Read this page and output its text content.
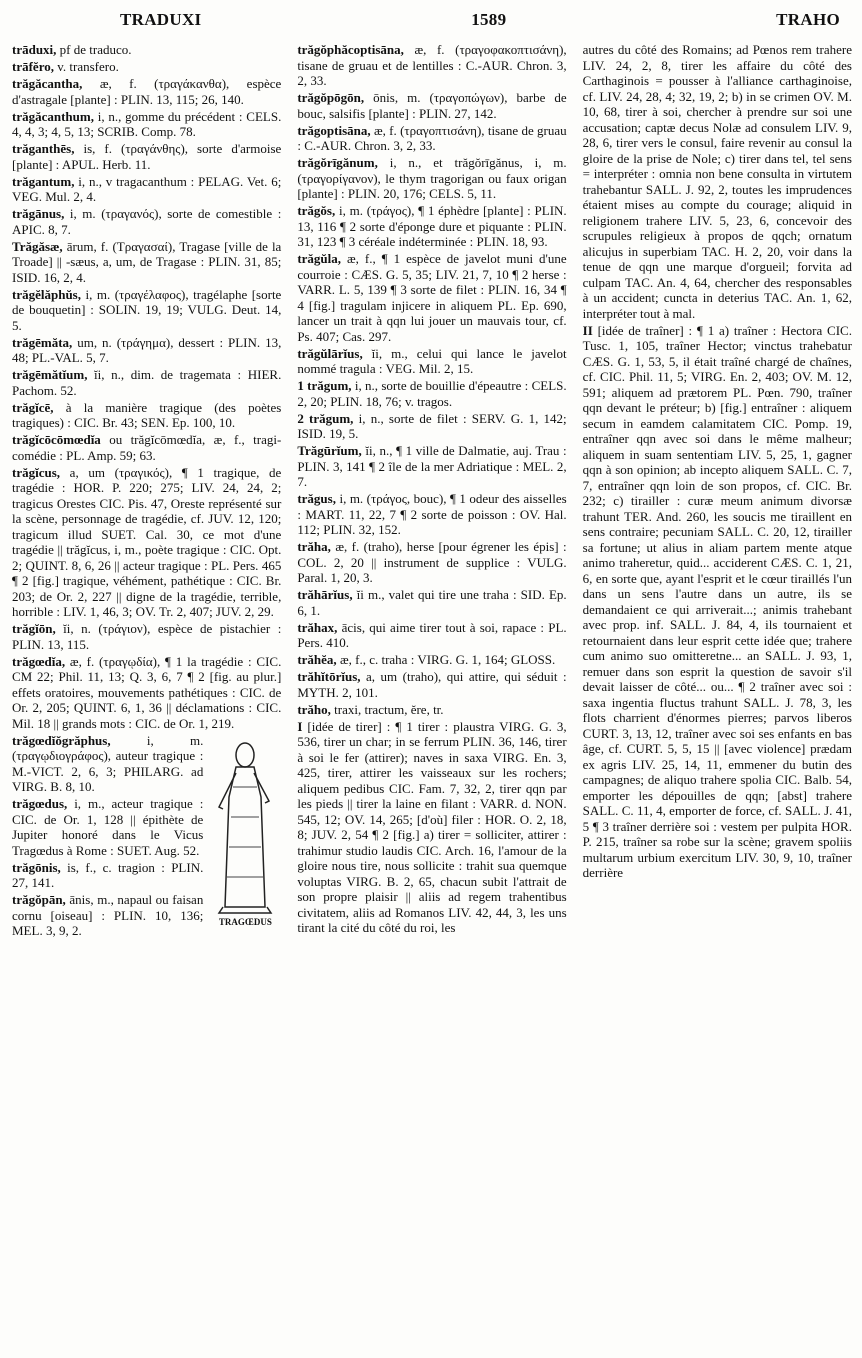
TRADUXI	1589	TRAHO

trāduxi, pf de traduco.

trāfĕro, v. transfero.

trăgăcantha, æ, f. (τραγάκανθα), espèce d'astragale [plante] : PLIN. 13, 115; 26, 140.

trăgăcanthum, i, n., gomme du précédent : CELS. 4, 4, 3; 4, 5, 13; SCRIB. Comp. 78.

trăganthēs, is, f. (τραγάνθης), sorte d'armoise [plante] : APUL. Herb. 11.

trăgantum, i, n., v tragacanthum : PELAG. Vet. 6; VEG. Mul. 2, 4.

trăgānus, i, m. (τραγανός), sorte de comestible : APIC. 8, 7.

Trăgăsæ, ārum, f. (Τραγασαί), Tragase [ville de la Troade] || -sæus, a, um, de Tragase : PLIN. 31, 85; ISID. 16, 2, 4.

trăgĕlăphŭs, i, m. (τραγέλαφος), tragélaphe [sorte de bouquetin] : SOLIN. 19, 19; VULG. Deut. 14, 5.

trăgēmăta, um, n. (τράγημα), dessert : PLIN. 13, 48; PL.-VAL. 5, 7.

trăgēmătĭum, ĭi, n., dim. de tragemata : HIER. Pachom. 52.

trăgĭcē, à la manière tragique (des poètes tragiques) : CIC. Br. 43; SEN. Ep. 100, 10.

trăgĭcōcōmœdĭa ou trăgĭcōmœdĭa, æ, f., tragi-comédie : PL. Amp. 59; 63.

trăgĭcus, a, um (τραγικός), ¶ 1 tragique, de tragédie : HOR. P. 220; 275; LIV. 24, 24, 2; tragicus Orestes CIC. Pis. 47, Oreste représenté sur la scène, personnage de tragédie, cf. JUV. 12, 120; tragicum illud SUET. Cal. 30, ce mot d'une tragédie || trăgĭcus, i, m., poète tragique : CIC. Opt. 2; QUINT. 8, 6, 26 || acteur tragique : PL. Pers. 465 ¶ 2 [fig.] tragique, véhément, pathétique : CIC. Br. 203; de Or. 2, 227 || digne de la tragédie, terrible, horrible : LIV. 1, 46, 3; OV. Tr. 2, 407; JUV. 2, 29.

trăgĭōn, ĭi, n. (τράγιον), espèce de pistachier : PLIN. 13, 115.

trăgœdĭa, æ, f. (τραγῳδία), ¶ 1 la tragédie : CIC. CM 22; Phil. 11, 13; Q. 3, 6, 7 ¶ 2 [fig. au plur.] effets oratoires, mouvements pathétiques : CIC. de Or. 2, 205; QUINT. 6, 1, 36 || déclamations : CIC. Mil. 18 || grands mots : CIC. de Or. 1, 219.

TRAGŒDUS

trăgœdĭŏgrăphus, i, m. (τραγῳδιογράφος), auteur tragique : M.-VICT. 2, 6, 3; PHILARG. ad VIRG. B. 8, 10.

trăgœdus, i, m., acteur tragique : CIC. de Or. 1, 128 || épithète de Jupiter honoré dans le Vicus Tragœdus à Rome : SUET. Aug. 52.

trăgōnis, is, f., c. tragion : PLIN. 27, 141.

trăgŏpān, ānis, m., napaul ou faisan cornu [oiseau] : PLIN. 10, 136; MEL. 3, 9, 2.

trăgŏphăcoptisāna, æ, f. (τραγοφακοπτισάνη), tisane de gruau et de lentilles : C.-AUR. Chron. 3, 2, 33.

trăgŏpōgōn, ōnis, m. (τραγοπώγων), barbe de bouc, salsifis [plante] : PLIN. 27, 142.

trăgoptisāna, æ, f. (τραγοπτισάνη), tisane de gruau : C.-AUR. Chron. 3, 2, 33.

trăgŏrīgănum, i, n., et trăgŏrīgănus, i, m. (τραγορίγανον), le thym tragorigan ou faux origan [plante] : PLIN. 20, 176; CELS. 5, 11.

trăgŏs, i, m. (τράγος), ¶ 1 éphèdre [plante] : PLIN. 13, 116 ¶ 2 sorte d'éponge dure et piquante : PLIN. 31, 123 ¶ 3 céréale indéterminée : PLIN. 18, 93.

trăgŭla, æ, f., ¶ 1 espèce de javelot muni d'une courroie : CÆS. G. 5, 35; LIV. 21, 7, 10 ¶ 2 herse : VARR. L. 5, 139 ¶ 3 sorte de filet : PLIN. 16, 34 ¶ 4 [fig.] tragulam injicere in aliquem PL. Ep. 690, lancer un trait à qqn lui jouer un mauvais tour, cf. Ps. 407; Cas. 297.

trăgŭlārĭus, ĭi, m., celui qui lance le javelot nommé tragula : VEG. Mil. 2, 15.

1 trăgum, i, n., sorte de bouillie d'épeautre : CELS. 2, 20; PLIN. 18, 76; v. tragos.

2 trăgum, i, n., sorte de filet : SERV. G. 1, 142; ISID. 19, 5.

Trăgūrĭum, ĭi, n., ¶ 1 ville de Dalmatie, auj. Trau : PLIN. 3, 141 ¶ 2 île de la mer Adriatique : MEL. 2, 7.

trăgus, i, m. (τράγος, bouc), ¶ 1 odeur des aisselles : MART. 11, 22, 7 ¶ 2 sorte de poisson : OV. Hal. 112; PLIN. 32, 152.

trăha, æ, f. (traho), herse [pour égrener les épis] : COL. 2, 20 || instrument de supplice : VULG. Paral. 1, 20, 3.

trăhārĭus, ĭi m., valet qui tire une traha : SID. Ep. 6, 1.

trăhax, ācis, qui aime tirer tout à soi, rapace : PL. Pers. 410.

trăhĕa, æ, f., c. traha : VIRG. G. 1, 164; GLOSS.

trăhĭtōrĭus, a, um (traho), qui attire, qui séduit : MYTH. 2, 101.

trăho, traxi, tractum, ĕre, tr.

I [idée de tirer] : ¶ 1 tirer : plaustra VIRG. G. 3, 536, tirer un char; in se ferrum PLIN. 36, 146, tirer à soi le fer (attirer); naves in saxa VIRG. En. 3, 425, tirer, attirer les vaisseaux sur les rochers; aliquem pedibus CIC. Fam. 7, 32, 2, tirer qqn par les pieds || tirer la laine en filant : VARR. d. NON. 545, 12; OV. 14, 265; [d'où] filer : HOR. O. 2, 18, 8; JUV. 2, 54 ¶ 2 [fig.] a) tirer = solliciter, attirer : trahimur studio laudis CIC. Arch. 16, l'amour de la gloire nous tire, nous sollicite : trahit sua quemque voluptas VIRG. B. 2, 65, chacun subit l'attrait de son propre plaisir || aliis ad regem trahentibus civitatem, aliis ad Romanos LIV. 42, 44, 3, les uns tirant la cité du côté du roi, les

autres du côté des Romains; ad Pœnos rem trahere LIV. 24, 2, 8, tirer les affaire du côté des Carthaginois = pousser à l'alliance carthaginoise, cf. LIV. 24, 28, 4; 32, 19, 2; b) in se crimen OV. M. 10, 68, tirer à soi, chercher à prendre sur soi une accusation; captæ decus Nolæ ad consulem LIV. 9, 28, 6, tirer vers le consul, faire revenir au consul la gloire de la prise de Nole; c) tirer dans tel, tel sens = interpréter : omnia non bene consulta in virtutem trahebantur SALL. J. 92, 2, toutes les imprudences étaient mises au compte du courage; aliquid in religionem trahere LIV. 5, 23, 6, concevoir des scrupules religieux à propos de qqch; ornatum alicujus in superbiam TAC. H. 2, 20, voir dans la tenue de qqn une marque d'orgueil; forvita ad culpam TAC. An. 4, 64, chercher des responsables à un accident; cuncta in deterius TAC. An. 1, 62, interpréter tout à mal.

II [idée de traîner] : ¶ 1 a) traîner : Hectora CIC. Tusc. 1, 105, traîner Hector; vinctus trahebatur CÆS. G. 1, 53, 5, il était traîné chargé de chaînes, cf. CIC. Phil. 11, 5; VIRG. En. 2, 403; OV. M. 12, 591; aliquem ad prætorem PL. Pœn. 790, traîner qqn devant le préteur; b) [fig.] entraîner : aliquem secum in eamdem calamitatem CIC. Pomp. 19, entraîner qqn avec soi dans le même malheur; aliquem in suam sententiam LIV. 5, 25, 1, gagner qqn à son opinion; ab incepto aliquem SALL. C. 7, 7, entraîner qqn loin de son propos, cf. CIC. Br. 232; c) tirailler : curæ meum animum divorsæ trahunt TER. And. 260, les soucis me tiraillent en sens contraire; pecuniam SALL. C. 20, 12, tirailler sa fortune; ut alius in aliam partem mente atque animo traheretur, quid... acciderent CÆS. C. 1, 21, 6, en sorte que, ayant l'esprit et le cœur tiraillés l'un dans un sens l'autre dans un autre, ils se demandaient ce qui arriverait...; animis trahebant avec prop. inf. SALL. J. 84, 4, ils tournaient et retournaient dans leur esprit cette idée que; trahere cum animo suo omitteretne... an SALL. J. 93, 1, remuer dans son esprit la question de savoir s'il devait laisser de côté... ou... ¶ 2 traîner avec soi : saxa ingentia fluctus trahunt SALL. J. 78, 3, les flots charrient d'énormes pierres; parvos liberos CURT. 3, 13, 12, traîner avec soi ses enfants en bas âge, cf. CURT. 5, 5, 15 || [avec violence] prædam ex agris LIV. 25, 14, 11, emmener du butin des campagnes; de aliquo trahere spolia CIC. Balb. 54, emporter les dépouilles de qqn; [abst] trahere SALL. C. 11, 4, emporter de force, cf. SALL. J. 41, 5 ¶ 3 traîner derrière soi : vestem per pulpita HOR. P. 215, traîner sa robe sur la scène; gravem spoliis multarum urbium exercitum LIV. 30, 9, 10, traîner derrière
